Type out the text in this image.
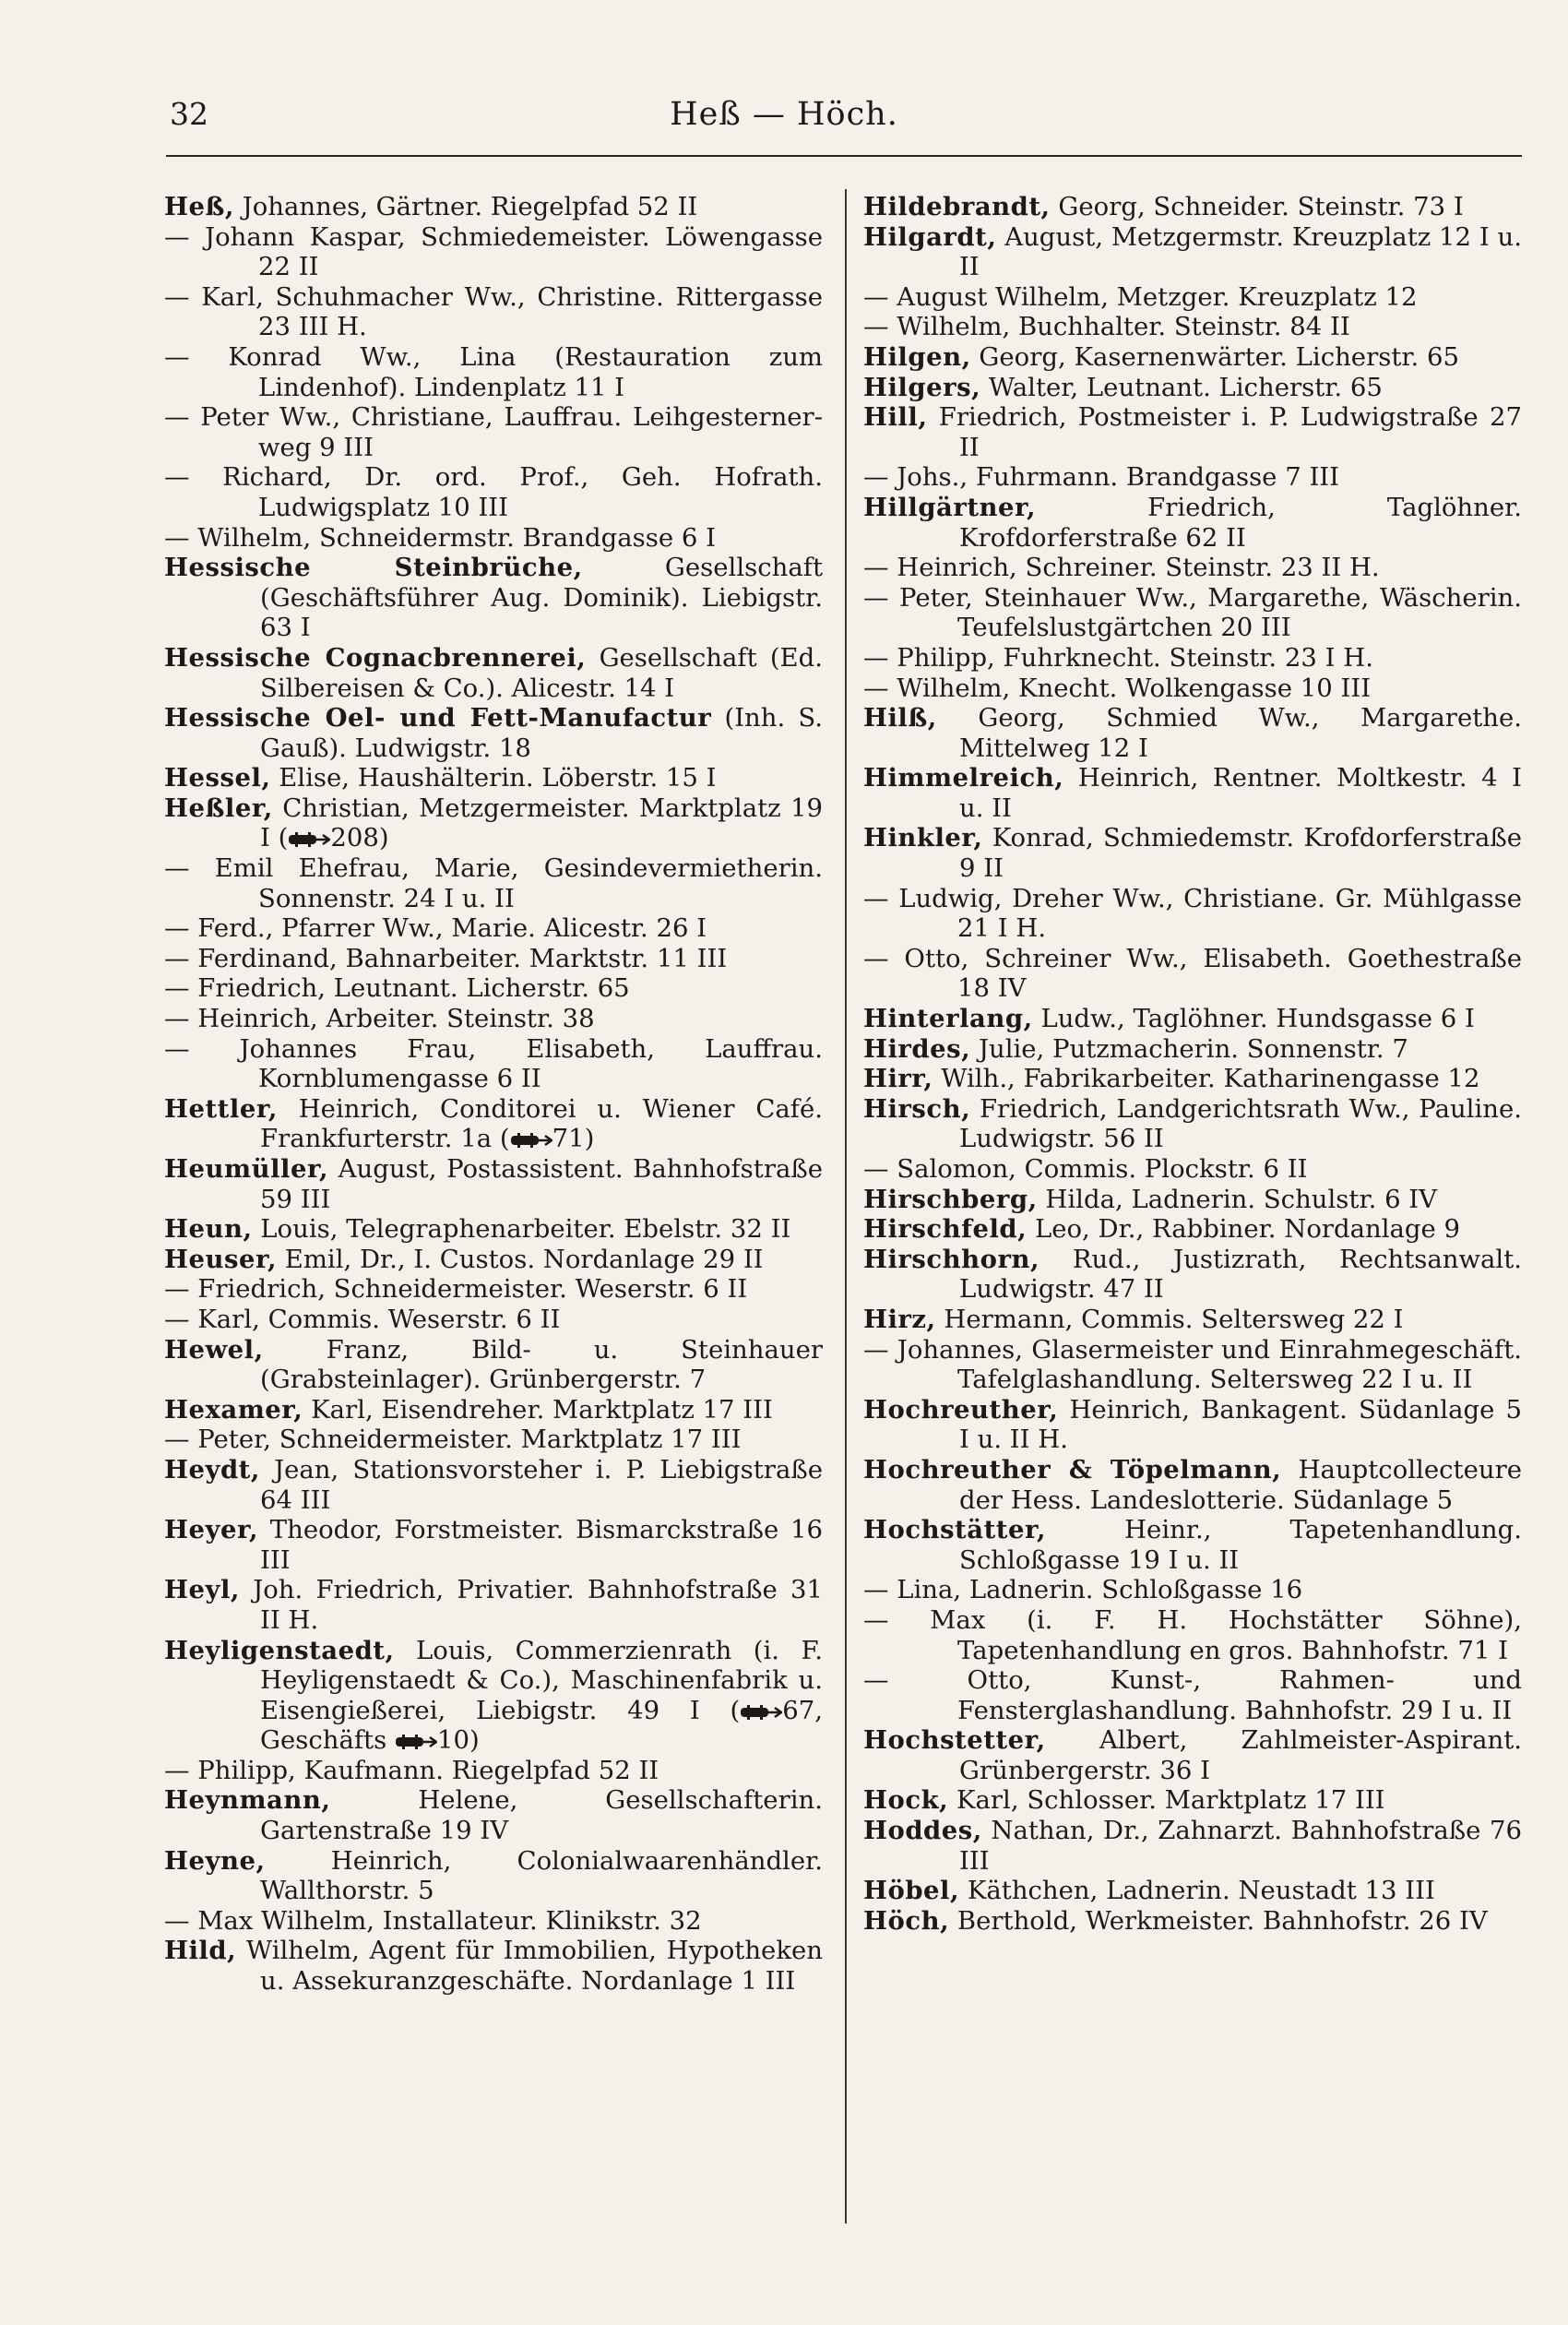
32	Heß — Höch.
Heß, Johannes, Gärtner. Riegelpfad 52 II
— Johann Kaspar, Schmiedemeister. Löwengasse 22 II
— Karl, Schuhmacher Ww., Christine. Rittergasse 23 III H.
— Konrad Ww., Lina (Restauration zum Lindenhof). Lindenplatz 11 I
— Peter Ww., Christiane, Lauffrau. Leihgesternerweg 9 III
— Richard, Dr. ord. Prof., Geh. Hofrath. Ludwigsplatz 10 III
— Wilhelm, Schneidermstr. Brandgasse 6 I
Hessische Steinbrüche,	Gesellschaft (Geschäftsführer Aug. Dominik). Liebigstr. 63 I
Hessische Cognacbrennerei, Gesellschaft (Ed. Silbereisen & Co.). Alicestr. 14 I
Hessische Oel- und Fett-Manufactur (Inh. S. Gauß). Ludwigstr. 18
Hessel, Elise, Haushälterin. Löberstr. 15 I
Heßler, Christian, Metzgermeister. Marktplatz 19 I ( 208)
— Emil Ehefrau, Marie, Gesindevermietherin. Sonnenstr. 24 I u. II
— Ferd., Pfarrer Ww., Marie. Alicestr. 26 I
— Ferdinand, Bahnarbeiter. Marktstr. 11 III
— Friedrich, Leutnant. Licherstr. 65
— Heinrich, Arbeiter. Steinstr. 38
— Johannes Frau, Elisabeth, Lauffrau. Kornblumengasse 6 II
Hettler, Heinrich, Conditorei u. Wiener Café. Frankfurterstr. 1a ( 71)
Heumüller, August, Postassistent. Bahnhofstraße 59 III
Heun, Louis, Telegraphenarbeiter. Ebelstr. 32 II
Heuser, Emil, Dr., I. Custos. Nordanlage 29 II
— Friedrich, Schneidermeister. Weserstr. 6 II
— Karl, Commis. Weserstr. 6 II
Hewel, Franz, Bild- u. Steinhauer (Grabsteinlager). Grünbergerstr. 7
Hexamer, Karl, Eisendreher. Marktplatz 17 III
— Peter, Schneidermeister. Marktplatz 17 III
Heydt, Jean, Stationsvorsteher i. P. Liebigstraße 64 III
Heyer, Theodor, Forstmeister. Bismarckstraße 16 III
Heyl, Joh. Friedrich, Privatier. Bahnhofstraße 31 II H.
Heyligenstaedt, Louis, Commerzienrath (i. F. Heyligenstaedt & Co.), Maschinenfabrik u. Eisengießerei, Liebigstr. 49 I ( 67, Geschäfts 10)
— Philipp, Kaufmann. Riegelpfad 52 II
Heynmann,	Helene, Gesellschafterin. Gartenstraße 19 IV
Heyne,	Heinrich, Colonialwaarenhändler. Wallthorstr. 5
— Max Wilhelm, Installateur. Klinikstr. 32
Hild, Wilhelm, Agent für Immobilien, Hypotheken u. Assekuranzgeschäfte. Nordanlage 1 III
Hildebrandt, Georg, Schneider. Steinstr. 73 I
Hilgardt, August, Metzgermstr. Kreuzplatz 12 I u. II
— August Wilhelm, Metzger. Kreuzplatz 12
— Wilhelm, Buchhalter. Steinstr. 84 II
Hilgen, Georg, Kasernenwärter. Licherstr. 65
Hilgers, Walter, Leutnant. Licherstr. 65
Hill, Friedrich, Postmeister i. P. Ludwigstraße 27 II
— Johs., Fuhrmann. Brandgasse 7 III
Hillgärtner,	Friedrich, Taglöhner. Krofdorferstraße 62 II
— Heinrich, Schreiner. Steinstr. 23 II H.
— Peter, Steinhauer Ww., Margarethe, Wäscherin. Teufelslustgärtchen 20 III
— Philipp, Fuhrknecht. Steinstr. 23 I H.
— Wilhelm, Knecht. Wolkengasse 10 III
Hilß, Georg, Schmied Ww., Margarethe. Mittelweg 12 I
Himmelreich, Heinrich, Rentner. Moltkestr. 4 I u. II
Hinkler, Konrad, Schmiedemstr. Krofdorferstraße 9 II
— Ludwig, Dreher Ww., Christiane. Gr. Mühlgasse 21 I H.
— Otto, Schreiner Ww., Elisabeth. Goethestraße 18 IV
Hinterlang, Ludw., Taglöhner. Hundsgasse 6 I
Hirdes, Julie, Putzmacherin. Sonnenstr. 7
Hirr, Wilh., Fabrikarbeiter. Katharinengasse 12
Hirsch, Friedrich, Landgerichtsrath Ww., Pauline. Ludwigstr. 56 II
— Salomon, Commis. Plockstr. 6 II
Hirschberg, Hilda, Ladnerin. Schulstr. 6 IV
Hirschfeld, Leo, Dr., Rabbiner. Nordanlage 9
Hirschhorn, Rud., Justizrath, Rechtsanwalt. Ludwigstr. 47 II
Hirz, Hermann, Commis. Seltersweg 22 I
— Johannes, Glasermeister und Einrahmegeschäft. Tafelglashandlung. Seltersweg 22 I u. II
Hochreuther, Heinrich, Bankagent. Südanlage 5 I u. II H.
Hochreuther & Töpelmann, Hauptcollecteure der Hess. Landeslotterie. Südanlage 5
Hochstätter,	Heinr., Tapetenhandlung. Schloßgasse 19 I u. II
— Lina, Ladnerin. Schloßgasse 16
— Max (i. F. H. Hochstätter Söhne), Tapetenhandlung en gros. Bahnhofstr. 71 I
— Otto, Kunst-, Rahmen- und Fensterglashandlung. Bahnhofstr. 29 I u. II
Hochstetter, Albert, Zahlmeister-Aspirant. Grünbergerstr. 36 I
Hock, Karl, Schlosser. Marktplatz 17 III
Hoddes, Nathan, Dr., Zahnarzt. Bahnhofstraße 76 III
Höbel, Käthchen, Ladnerin. Neustadt 13 III
Höch, Berthold, Werkmeister. Bahnhofstr. 26 IV
